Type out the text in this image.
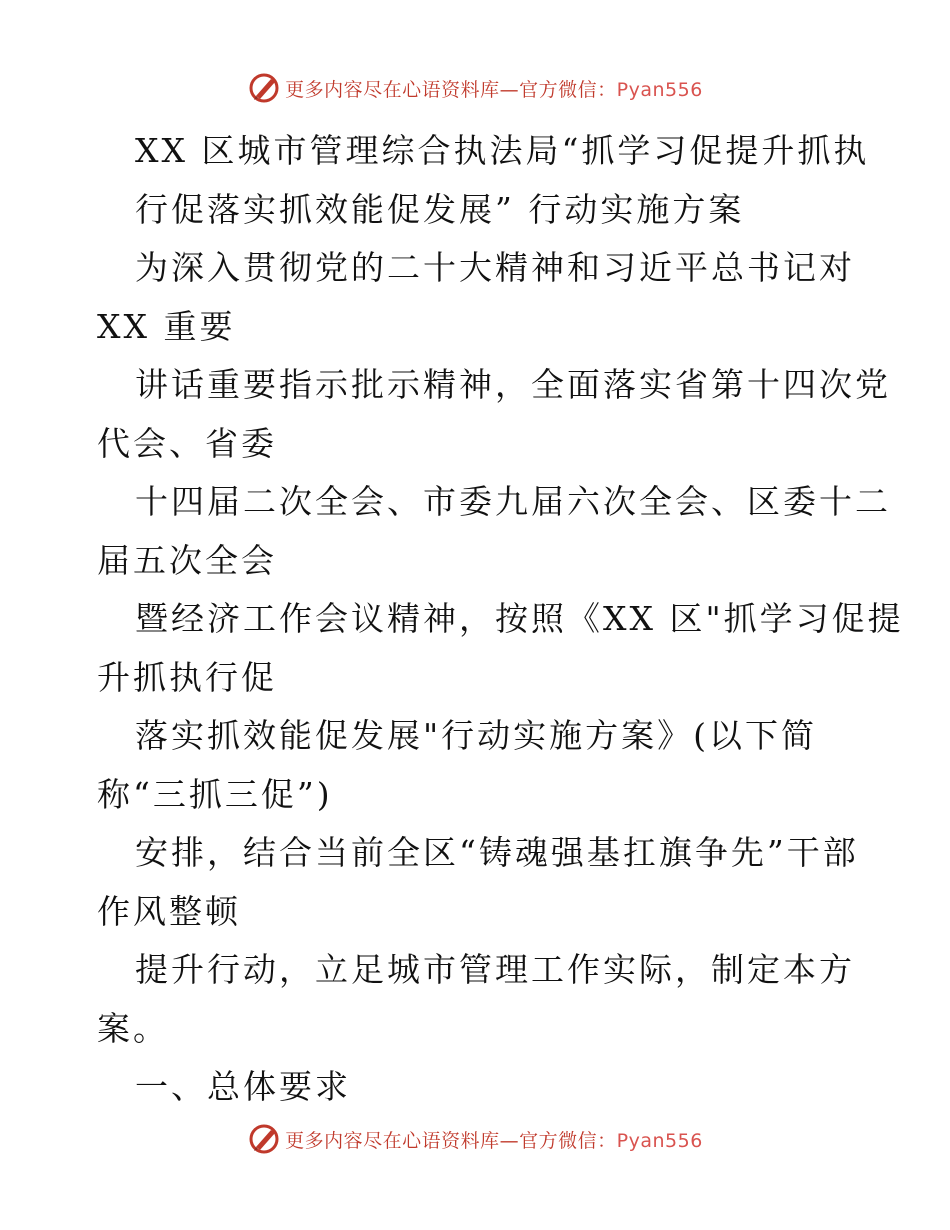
更多内容尽在心语资料库—官方微信：Pyan556
XX 区城市管理综合执法局“抓学习促提升抓执
行促落实抓效能促发展” 行动实施方案
为深入贯彻党的二十大精神和习近平总书记对
XX 重要
讲话重要指示批示精神，全面落实省第十四次党
代会、省委
十四届二次全会、市委九届六次全会、区委十二
届五次全会
暨经济工作会议精神，按照《XX 区"抓学习促提
升抓执行促
落实抓效能促发展"行动实施方案》(以下简
称“三抓三促”)
安排，结合当前全区“铸魂强基扛旗争先”干部
作风整顿
提升行动，立足城市管理工作实际，制定本方
案。
一、总体要求
更多内容尽在心语资料库—官方微信：Pyan556
